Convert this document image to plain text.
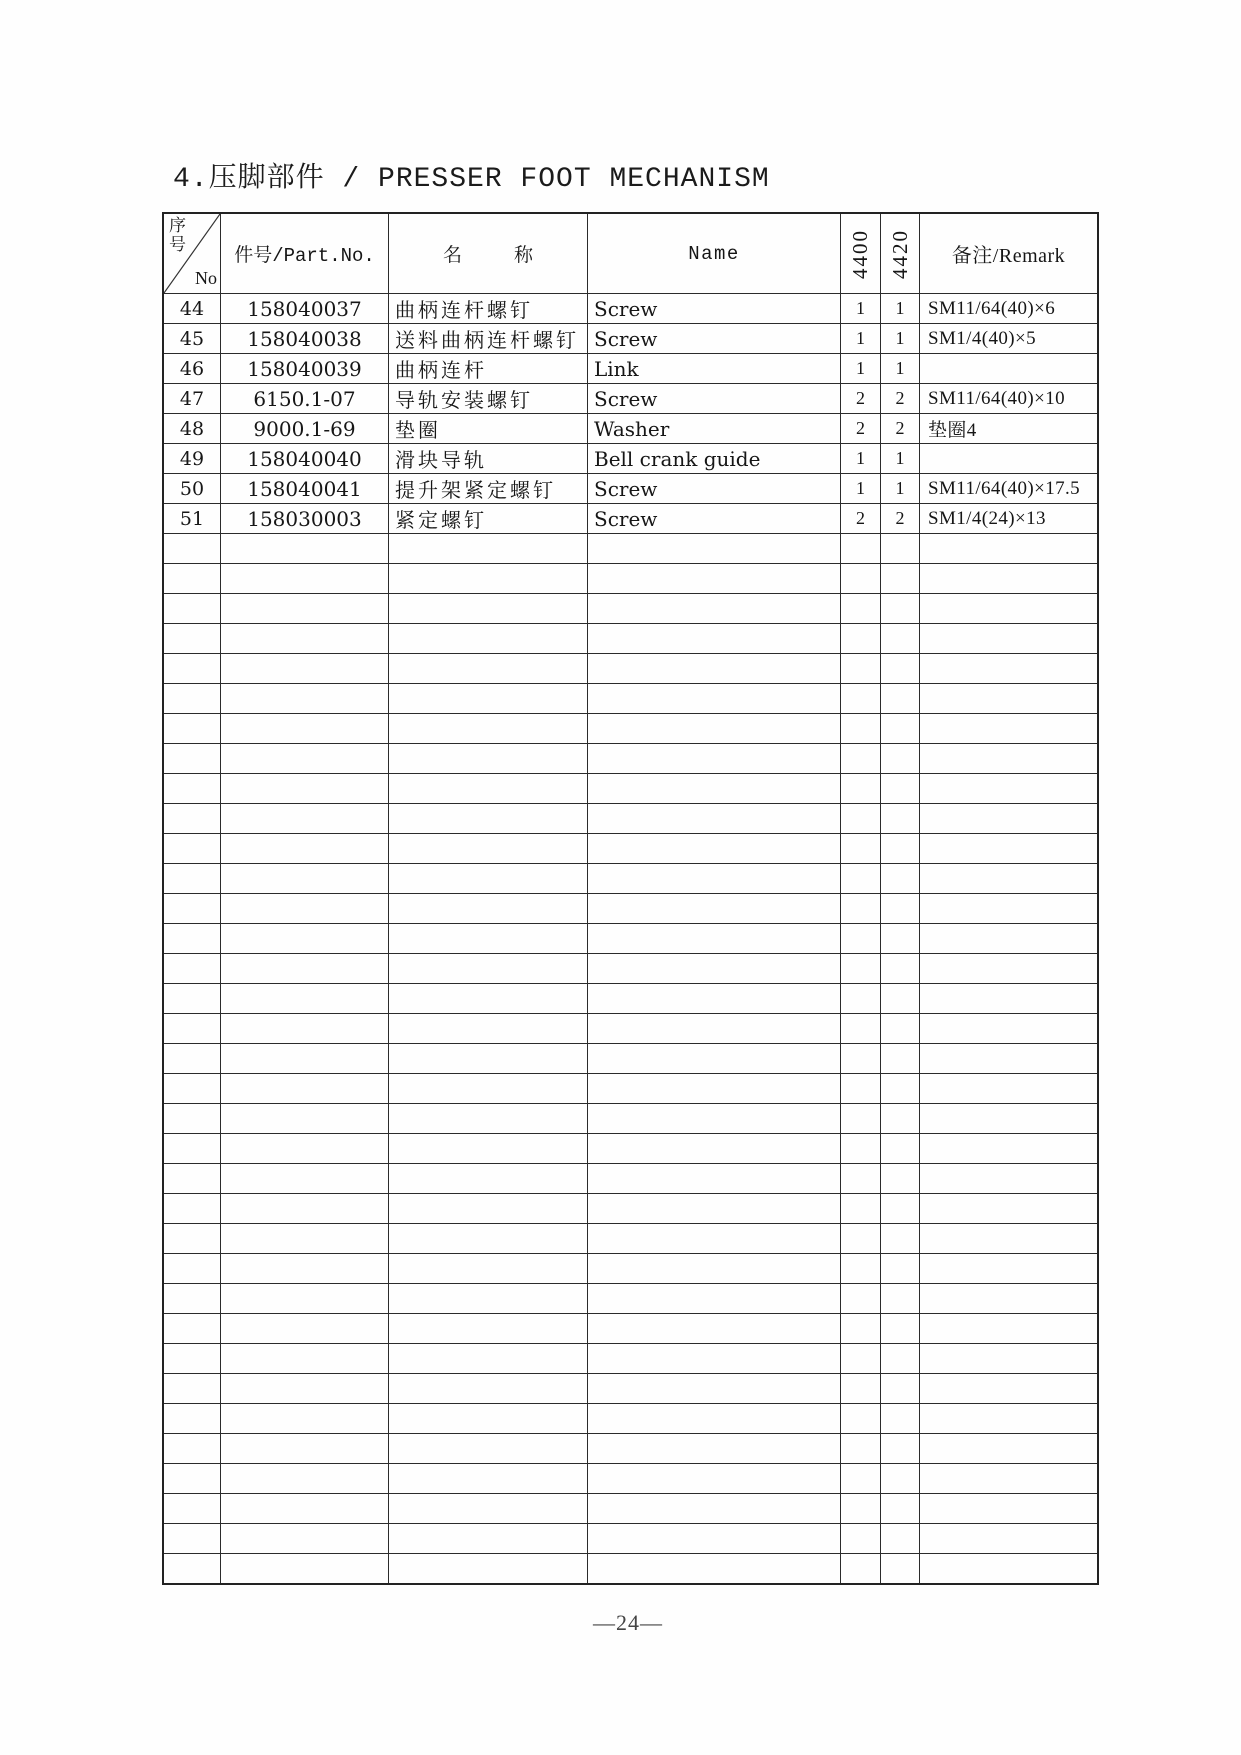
4.压脚部件 / PRESSER FOOT MECHANISM
序号
No
件号/Part.No.	名 称	Name	4400 4420	备注/Remark
44	158040037	曲柄连杆螺钉	Screw	1	1	SM11/64(40)×6
45	158040038	送料曲柄连杆螺钉 Screw	1	1	SM1/4(40)×5
46	158040039	曲柄连杆	Link	1	1
47	6150.1-07	导轨安装螺钉	Screw	2	2	SM11/64(40)×10
48	9000.1-69	垫圈	Washer	2	2	垫圈4
49	158040040	滑块导轨	Bell crank guide	1	1
50	158040041	提升架紧定螺钉	Screw	1	1	SM11/64(40)×17.5
51	158030003	紧定螺钉	Screw	2	2	SM1/4(24)×13
—24—
